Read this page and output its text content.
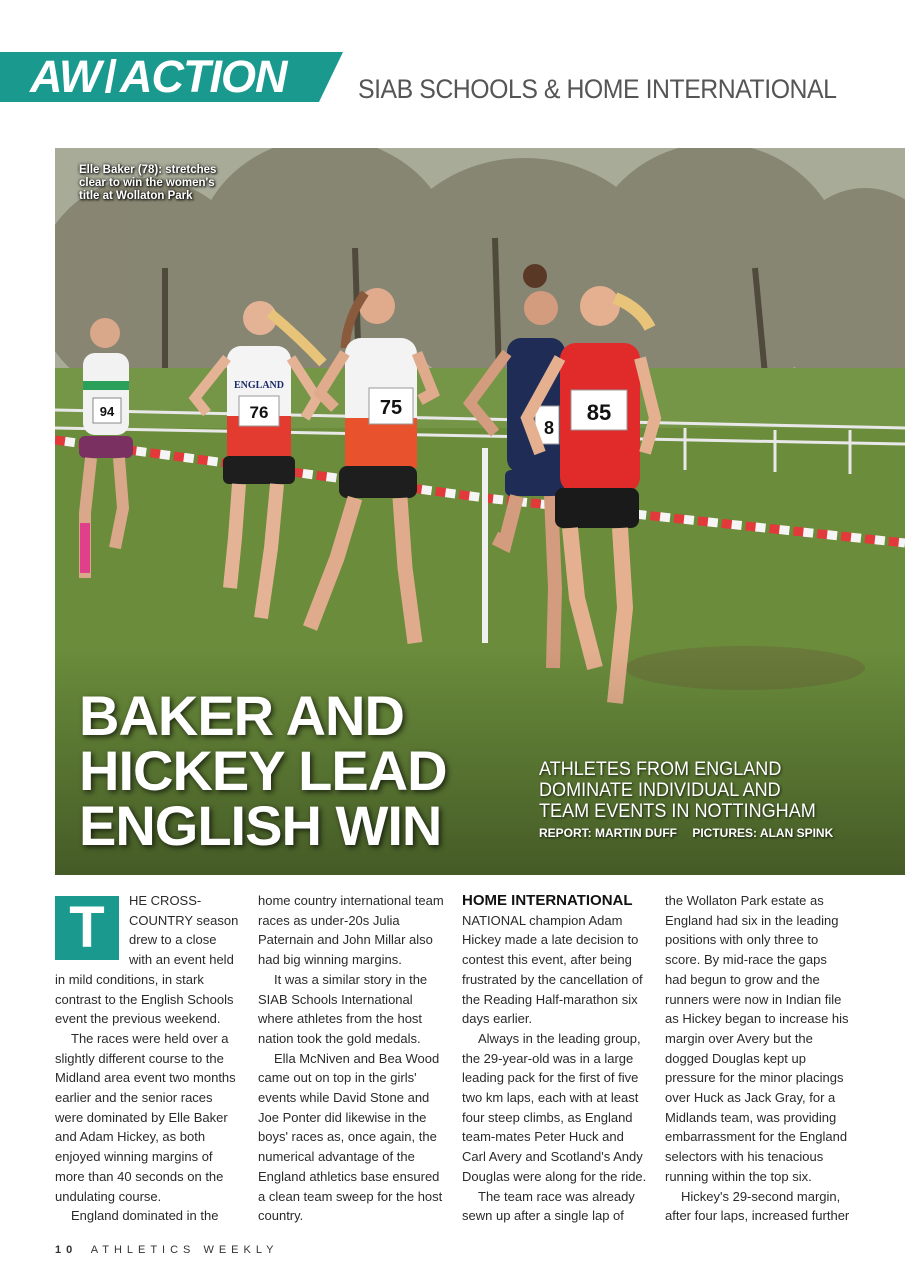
AW/ACTION	SIAB SCHOOLS & HOME INTERNATIONAL
94
ENGLAND
76	75
8
85
Elle Baker (78): stretches clear to win the women's title at Wollaton Park
BAKER AND
HICKEY LEAD
ENGLISH WIN
ATHLETES FROM ENGLAND
DOMINATE INDIVIDUAL AND
TEAM EVENTS IN NOTTINGHAM
REPORT: MARTIN DUFF PICTURES: ALAN SPINK

T	HE CROSS-COUNTRY season drew to a close with an event held in mild conditions, in stark contrast to the English Schools event the previous weekend.

The races were held over a slightly different course to the Midland area event two months earlier and the senior races were dominated by Elle Baker and Adam Hickey, as both enjoyed winning margins of more than 40 seconds on the undulating course.

England dominated in the

home country international team races as under-20s Julia Paternain and John Millar also had big winning margins.

It was a similar story in the SIAB Schools International where athletes from the host nation took the gold medals.

Ella McNiven and Bea Wood came out on top in the girls' events while David Stone and Joe Ponter did likewise in the boys' races as, once again, the numerical advantage of the England athletics base ensured a clean team sweep for the host country.

HOME INTERNATIONAL

NATIONAL champion Adam Hickey made a late decision to contest this event, after being frustrated by the cancellation of the Reading Half-marathon six days earlier.

Always in the leading group, the 29-year-old was in a large leading pack for the first of five two km laps, each with at least four steep climbs, as England team-mates Peter Huck and Carl Avery and Scotland's Andy Douglas were along for the ride.

The team race was already sewn up after a single lap of

the Wollaton Park estate as England had six in the leading positions with only three to score. By mid-race the gaps had begun to grow and the runners were now in Indian file as Hickey began to increase his margin over Avery but the dogged Douglas kept up pressure for the minor placings over Huck as Jack Gray, for a Midlands team, was providing embarrassment for the England selectors with his tenacious running within the top six.

Hickey's 29-second margin, after four laps, increased further

10 ATHLETICS WEEKLY
